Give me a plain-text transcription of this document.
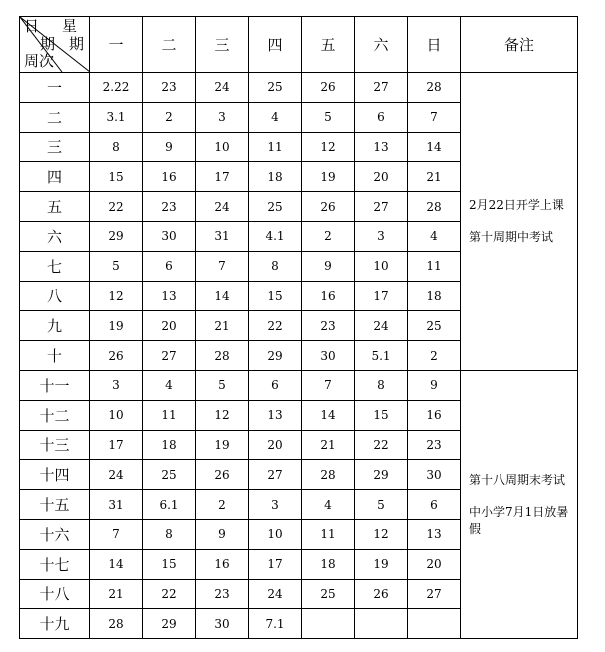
日 星
期 期
周次	一	二	三	四	五	六	日	备注
一	2.22	23	24	25	26	27	28	2月22日开学上课

第十周期中考试

二	3.1	2	3	4	5	6	7	
三	8	9	10	11	12	13	14	
四	15	16	17	18	19	20	21	
五	22	23	24	25	26	27	28	
六	29	30	31	4.1	2	3	4	
七	5	6	7	8	9	10	11	
八	12	13	14	15	16	17	18	
九	19	20	21	22	23	24	25	
十	26	27	28	29	30	5.1	2	
十一	3	4	5	6	7	8	9	第十八周期末考试

中小学7月1日放暑假

十二	10	11	12	13	14	15	16	
十三	17	18	19	20	21	22	23	
十四	24	25	26	27	28	29	30	
十五	31	6.1	2	3	4	5	6	
十六	7	8	9	10	11	12	13	
十七	14	15	16	17	18	19	20	
十八	21	22	23	24	25	26	27	
十九	28	29	30	7.1				
